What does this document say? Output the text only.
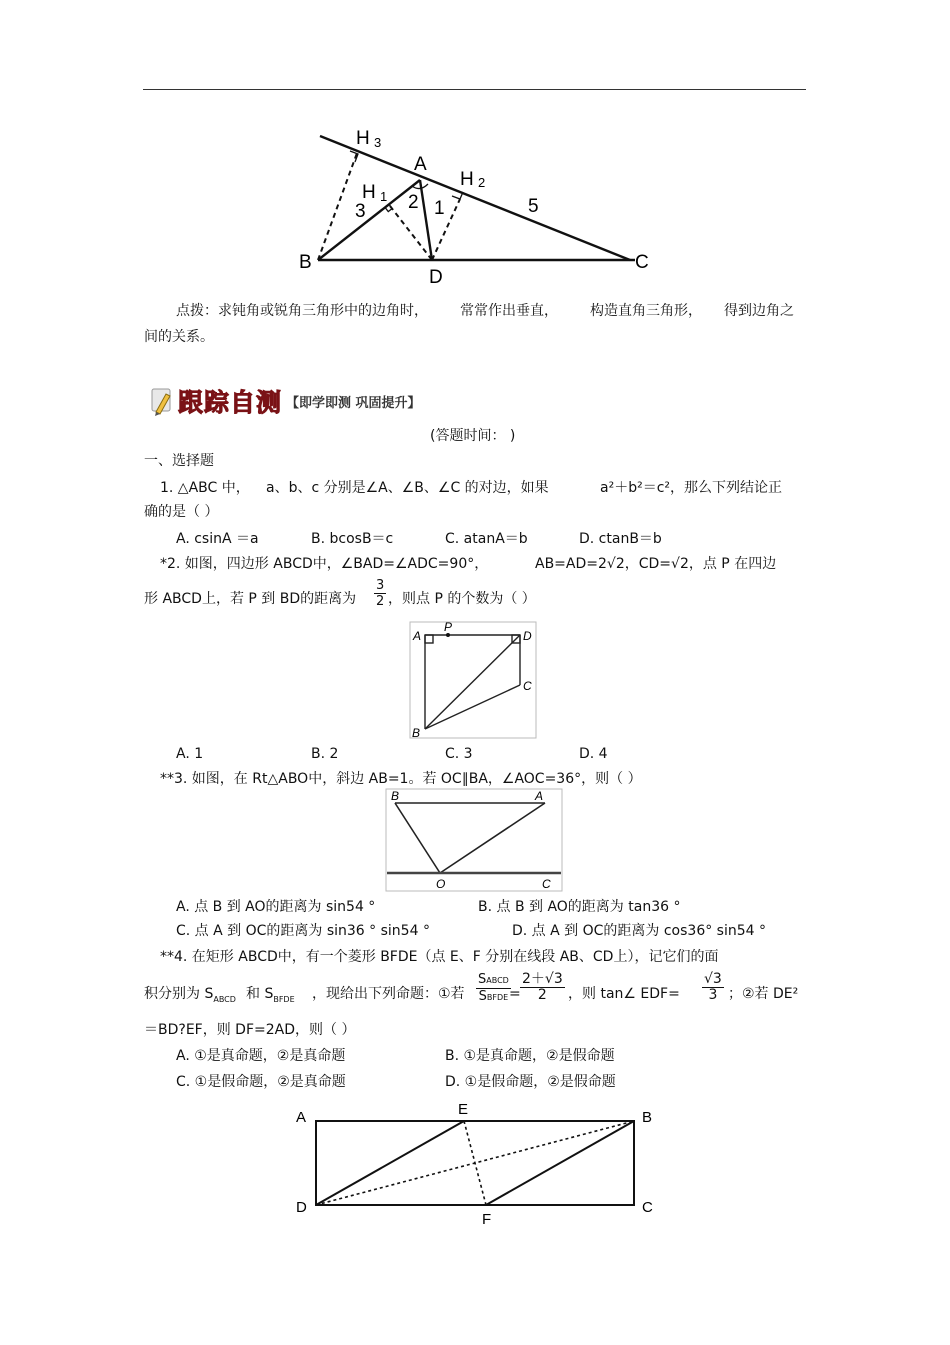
H 3
A
H 2
H 1
3 2 1	5
B
D
C
点拨：求钝角或锐角三角形中的边角时， 常常作出垂直， 构造直角三角形， 得到边角之
间的关系。
跟踪自测 【即学即测 巩固提升】
(答题时间： )
一、选择题
1. △ABC 中， a、b、c 分别是∠A、∠B、∠C 的对边，如果	a²＋b²＝c²，那么下列结论正
确的是（ ）
A. csinA ＝a	B. bcosB＝c	C. atanA＝b	D. ctanB＝b
*2. 如图，四边形 ABCD中，∠BAD=∠ADC=90°，	AB=AD=2√2，CD=√2，点 P 在四边
形 ABCD上，若 P 到 BD的距离为 $\frac{3}{2}$ ，则点 P 的个数为（ ）
A
P
D
C
B
A. 1	B. 2	C. 3	D. 4
**3. 如图，在 Rt△ABO中，斜边 AB=1。若 OC∥BA，∠AOC=36°，则（ ）
B	A
O	C
A. 点 B 到 AO的距离为 sin54 °	B. 点 B 到 AO的距离为 tan36 °
C. 点 A 到 OC的距离为 sin36 ° sin54 °	D. 点 A 到 OC的距离为 cos36° sin54 °
**4. 在矩形 ABCD中，有一个菱形 BFDE（点 E、F 分别在线段 AB、CD上），记它们的面
积分别为 $S_{ABCD}$ 和 $S_{BFDE}$ ，现给出下列命题：①若
SABCD
SBFDE = $\frac{2+√3}{2}$ ，则 tan∠ $EDF= \frac{√3}{3}$ ；②若 DE²
＝BD?EF，则 DF=2AD，则（ ）
A. ①是真命题，②是真命题	B. ①是真命题，②是假命题
C. ①是假命题，②是真命题	D. ①是假命题，②是假命题
A	E	B
D
F
C
